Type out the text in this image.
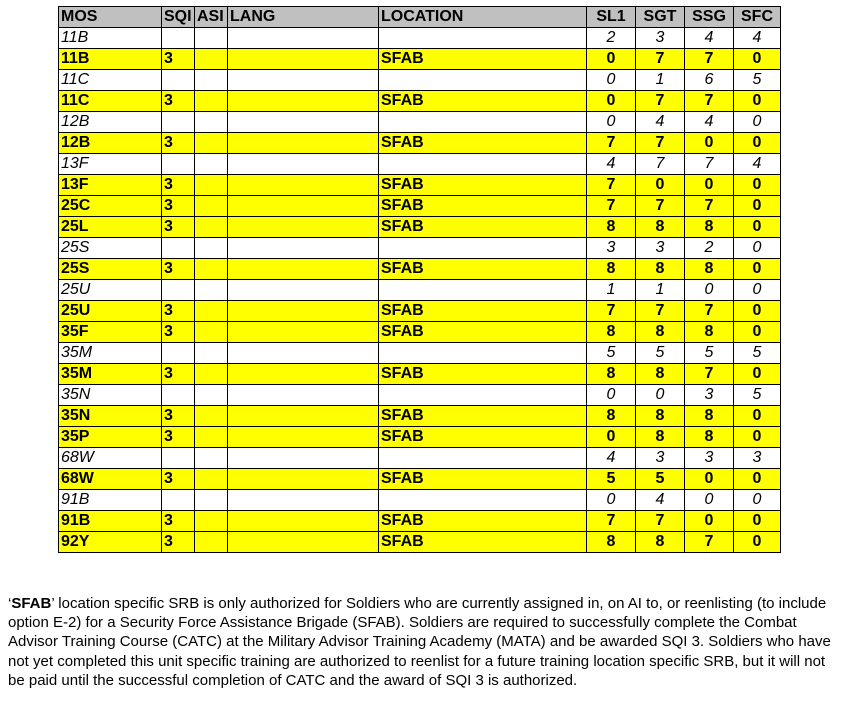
MOS	SQI	ASI	LANG	LOCATION	SL1	SGT	SSG	SFC
11B					2	3	4	4
11B	3			SFAB	0	7	7	0
11C					0	1	6	5
11C	3			SFAB	0	7	7	0
12B					0	4	4	0
12B	3			SFAB	7	7	0	0
13F					4	7	7	4
13F	3			SFAB	7	0	0	0
25C	3			SFAB	7	7	7	0
25L	3			SFAB	8	8	8	0
25S					3	3	2	0
25S	3			SFAB	8	8	8	0
25U					1	1	0	0
25U	3			SFAB	7	7	7	0
35F	3			SFAB	8	8	8	0
35M					5	5	5	5
35M	3			SFAB	8	8	7	0
35N					0	0	3	5
35N	3			SFAB	8	8	8	0
35P	3			SFAB	0	8	8	0
68W					4	3	3	3
68W	3			SFAB	5	5	0	0
91B					0	4	0	0
91B	3			SFAB	7	7	0	0
92Y	3			SFAB	8	8	7	0
‘SFAB’ location specific SRB is only authorized for Soldiers who are currently assigned in, on AI to, or reenlisting (to include option E-2) for a Security Force Assistance Brigade (SFAB). Soldiers are required to successfully complete the Combat Advisor Training Course (CATC) at the Military Advisor Training Academy (MATA) and be awarded SQI 3. Soldiers who have not yet completed this unit specific training are authorized to reenlist for a future training location specific SRB, but it will not be paid until the successful completion of CATC and the award of SQI 3 is authorized.
